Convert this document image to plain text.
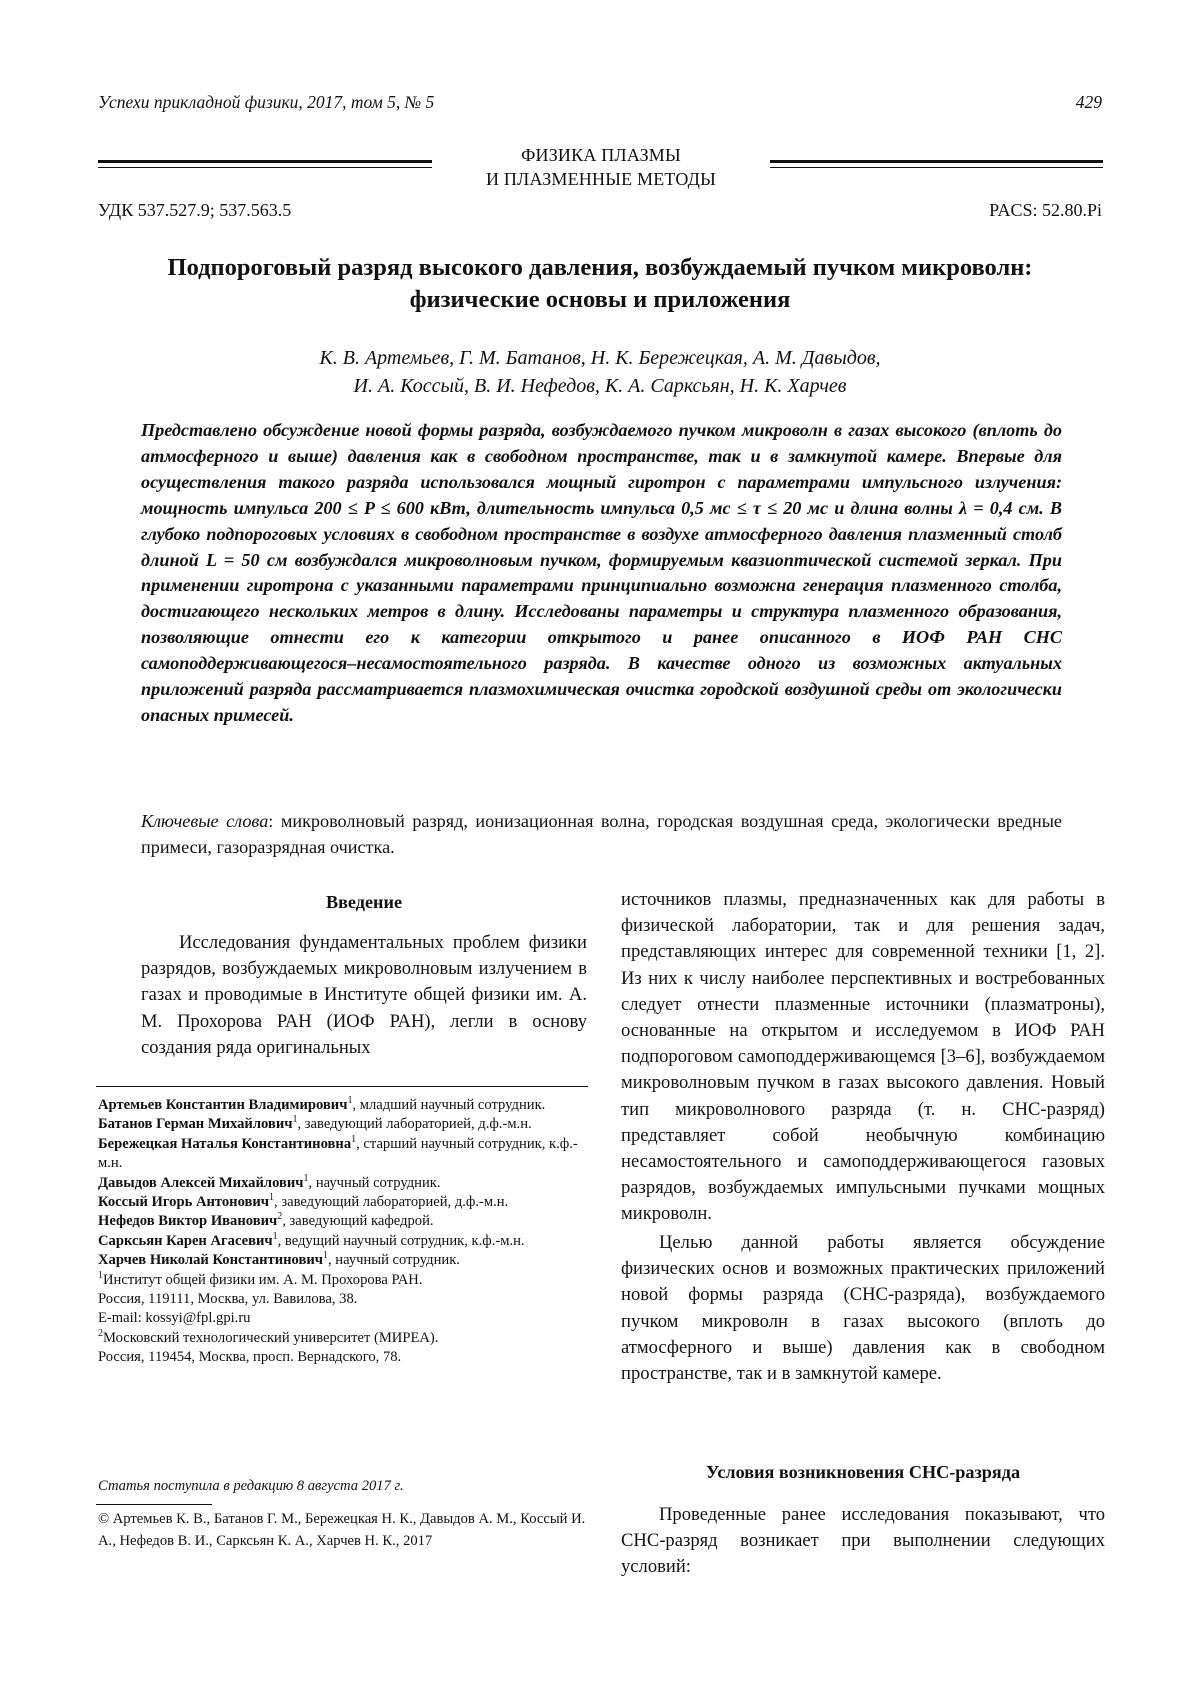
Успехи прикладной физики, 2017, том 5, № 5	429
ФИЗИКА ПЛАЗМЫ
И ПЛАЗМЕННЫЕ МЕТОДЫ
УДК 537.527.9; 537.563.5	PACS: 52.80.Pi
Подпороговый разряд высокого давления, возбуждаемый пучком микроволн:
физические основы и приложения
К. В. Артемьев, Г. М. Батанов, Н. К. Бережецкая, А. М. Давыдов,
И. А. Коссый, В. И. Нефедов, К. А. Сарксьян, Н. К. Харчев
Представлено обсуждение новой формы разряда, возбуждаемого пучком микроволн в газах высокого (вплоть до атмосферного и выше) давления как в свободном пространстве, так и в замкнутой камере. Впервые для осуществления такого разряда использовался мощный гиротрон с параметрами импульсного излучения: мощность импульса 200 ≤ P ≤ 600 кВт, длительность импульса 0,5 мс ≤ τ ≤ 20 мс и длина волны λ = 0,4 см. В глубоко подпороговых условиях в свободном пространстве в воздухе атмосферного давления плазменный столб длиной L = 50 см возбуждался микроволновым пучком, формируемым квазиоптической системой зеркал. При применении гиротрона с указанными параметрами принципиально возможна генерация плазменного столба, достигающего нескольких метров в длину. Исследованы параметры и структура плазменного образования, позволяющие отнести его к категории открытого и ранее описанного в ИОФ РАН СНС самоподдерживающегося–несамостоятельного разряда. В качестве одного из возможных актуальных приложений разряда рассматривается плазмохимическая очистка городской воздушной среды от экологически опасных примесей.
Ключевые слова: микроволновый разряд, ионизационная волна, городская воздушная среда, экологически вредные примеси, газоразрядная очистка.
Введение
Исследования фундаментальных проблем физики разрядов, возбуждаемых микроволновым излучением в газах и проводимые в Институте общей физики им. А. М. Прохорова РАН (ИОФ РАН), легли в основу создания ряда оригинальных
Артемьев Константин Владимирович$^1$, младший научный сотрудник.
Батанов Герман Михайлович$^1$, заведующий лабораторией, д.ф.-м.н.
Бережецкая Наталья Константиновна$^1$, старший научный сотрудник, к.ф.-м.н.
Давыдов Алексей Михайлович$^1$, научный сотрудник.
Коссый Игорь Антонович$^1$, заведующий лабораторией, д.ф.-м.н.
Нефедов Виктор Иванович$^2$, заведующий кафедрой.
Сарксьян Карен Агасевич$^1$, ведущий научный сотрудник, к.ф.-м.н.
Харчев Николай Константинович$^1$, научный сотрудник.
$^1$Институт общей физики им. А. М. Прохорова РАН.
Россия, 119111, Москва, ул. Вавилова, 38.
E-mail: kossyi@fpl.gpi.ru
$^2$Московский технологический университет (МИРЕА).
Россия, 119454, Москва, просп. Вернадского, 78.
Статья поступила в редакцию 8 августа 2017 г.
© Артемьев К. В., Батанов Г. М., Бережецкая Н. К., Давыдов А. М., Коссый И. А., Нефедов В. И., Сарксьян К. А., Харчев Н. К., 2017
источников плазмы, предназначенных как для работы в физической лаборатории, так и для решения задач, представляющих интерес для современной техники [1, 2]. Из них к числу наиболее перспективных и востребованных следует отнести плазменные источники (плазматроны), основанные на открытом и исследуемом в ИОФ РАН подпороговом самоподдерживающемся [3–6], возбуждаемом микроволновым пучком в газах высокого давления. Новый тип микроволнового разряда (т. н. СНС-разряд) представляет собой необычную комбинацию несамостоятельного и самоподдерживающегося газовых разрядов, возбуждаемых импульсными пучками мощных микроволн.
Целью данной работы является обсуждение физических основ и возможных практических приложений новой формы разряда (СНС-разряда), возбуждаемого пучком микроволн в газах высокого (вплоть до атмосферного и выше) давления как в свободном пространстве, так и в замкнутой камере.
Условия возникновения СНС-разряда
Проведенные ранее исследования показывают, что СНС-разряд возникает при выполнении следующих условий:
